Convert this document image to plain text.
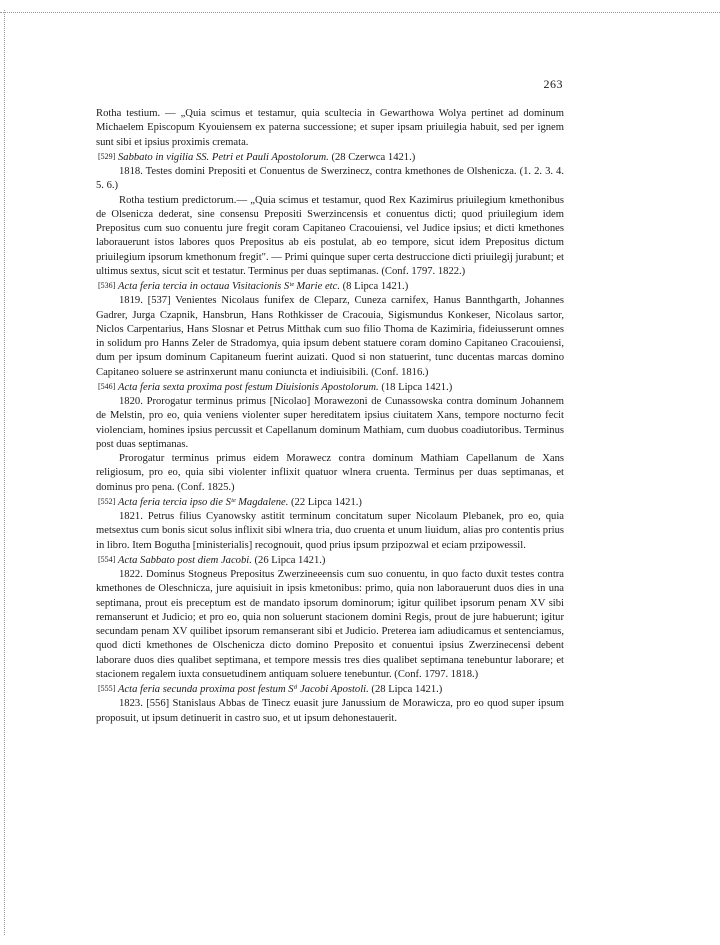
263

Rotha testium. — „Quia scimus et testamur, quia scultecia in Gewarthowa Wolya pertinet ad dominum Michaelem Episcopum Kyouiensem ex paterna successione; et super ipsam priuilegia habuit, sed per ignem sunt sibi et ipsius proximis cremata.

[529] Sabbato in vigilia SS. Petri et Pauli Apostolorum. (28 Czerwca 1421.)

1818. Testes domini Prepositi et Conuentus de Swerzinecz, contra kmethones de Olshenicza. (1. 2. 3. 4. 5. 6.)

Rotha testium predictorum.— „Quia scimus et testamur, quod Rex Kazimirus priuilegium kmethonibus de Olsenicza dederat, sine consensu Prepositi Swerzincensis et conuentus dicti; quod priuilegium idem Prepositus cum suo conuentu jure fregit coram Capitaneo Cracouiensi, vel Judice ipsius; et dicti kmethones laborauerunt istos labores quos Prepositus ab eis postulat, ab eo tempore, sicut idem Prepositus dictum priuilegium ipsorum kmethonum fregit". — Primi quinque super certa destruccione dicti priuilegij jurabunt; et ultimus sextus, sicut scit et testatur. Terminus per duas septimanas. (Conf. 1797. 1822.)

[536] Acta feria tercia in octaua Visitacionis Sᵗᵉ Marie etc. (8 Lipca 1421.)

1819. [537] Venientes Nicolaus funifex de Cleparz, Cuneza carnifex, Hanus Bannthgarth, Johannes Gadrer, Jurga Czapnik, Hansbrun, Hans Rothkisser de Cracouia, Sigismundus Konkeser, Nicolaus sartor, Niclos Carpentarius, Hans Slosnar et Petrus Mitthak cum suo filio Thoma de Kazimiria, fideiusserunt omnes in solidum pro Hanns Zeler de Stradomya, quia ipsum debent statuere coram domino Capitaneo Cracouiensi, dum per ipsum dominum Capitaneum fuerint auizati. Quod si non statuerint, tunc ducentas marcas domino Capitaneo soluere se astrinxerunt manu coniuncta et indiuisibili. (Conf. 1816.)

[546] Acta feria sexta proxima post festum Diuisionis Apostolorum. (18 Lipca 1421.)

1820. Prorogatur terminus primus [Nicolao] Morawezoni de Cunassowska contra dominum Johannem de Melstin, pro eo, quia veniens violenter super hereditatem ipsius ciuitatem Xans, tempore nocturno fecit violenciam, homines ipsius percussit et Capellanum dominum Mathiam, cum duobus coadiutoribus. Terminus post duas septimanas.

Prorogatur terminus primus eidem Morawecz contra dominum Mathiam Capellanum de Xans religiosum, pro eo, quia sibi violenter inflixit quatuor wlnera cruenta. Terminus per duas septimanas, et dominus pro pena. (Conf. 1825.)

[552] Acta feria tercia ipso die Sᵗᵉ Magdalene. (22 Lipca 1421.)

1821. Petrus filius Cyanowsky astitit terminum concitatum super Nicolaum Plebanek, pro eo, quia metsextus cum bonis sicut solus inflixit sibi wlnera tria, duo cruenta et unum liuidum, alias pro contentis prius in libro. Item Bogutha [ministerialis] recognouit, quod prius ipsum przipozwal et eciam przipowessil.

[554] Acta Sabbato post diem Jacobi. (26 Lipca 1421.)

1822. Dominus Stogneus Prepositus Zwerzineeensis cum suo conuentu, in quo facto duxit testes contra kmethones de Oleschnicza, jure aquisiuit in ipsis kmetonibus: primo, quia non laborauerunt duos dies in una septimana, prout eis preceptum est de mandato ipsorum dominorum; igitur quilibet ipsorum penam XV sibi remanserunt et Judicio; et pro eo, quia non soluerunt stacionem domini Regis, prout de jure habuerunt; igitur secundam penam XV quilibet ipsorum remanserant sibi et Judicio. Preterea iam adiudicamus et sentenciamus, quod dicti kmethones de Olschenicza dicto domino Preposito et conuentui ipsius Zwerzinecensi debent laborare duos dies qualibet septimana, et tempore messis tres dies qualibet septimana tenebuntur laborare; et stacionem regalem iuxta consuetudinem antiquam soluere tenebuntur. (Conf. 1797. 1818.)

[555] Acta feria secunda proxima post festum Sᵗⁱ Jacobi Apostoli. (28 Lipca 1421.)

1823. [556] Stanislaus Abbas de Tinecz euasit jure Janussium de Morawicza, pro eo quod super ipsum proposuit, ut ipsum detinuerit in castro suo, et ut ipsum dehonestauerit.
